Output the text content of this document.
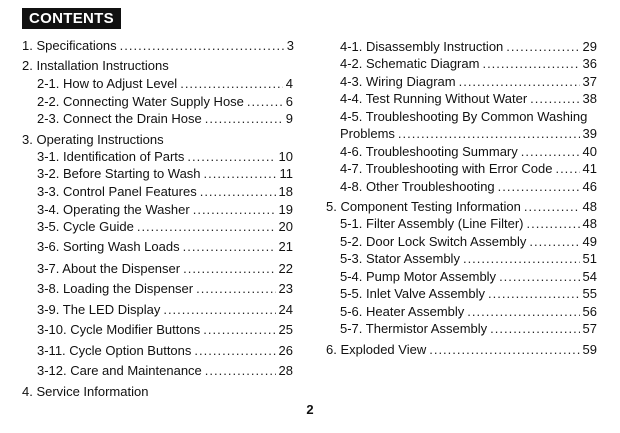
CONTENTS
1. Specifications .....	3
2. Installation Instructions
2-1. How to Adjust Level .....	4
2-2. Connecting Water Supply Hose .....	6
2-3. Connect the Drain Hose .....	9
3. Operating Instructions
3-1. Identification of Parts .....	10
3-2. Before Starting to Wash .....	11
3-3. Control Panel Features .....	18
3-4. Operating the Washer .....	19
3-5. Cycle Guide .....	20
3-6. Sorting Wash Loads .....	21
3-7. About the Dispenser .....	22
3-8. Loading the Dispenser .....	23
3-9. The LED Display .....	24
3-10. Cycle Modifier Buttons .....	25
3-11. Cycle Option Buttons .....	26
3-12. Care and Maintenance .....	28
4. Service Information
4-1. Disassembly Instruction .....	29
4-2. Schematic Diagram .....	36
4-3. Wiring Diagram .....	37
4-4. Test Running Without Water .....	38
4-5. Troubleshooting By Common Washing
Problems .....	39
4-6. Troubleshooting Summary .....	40
4-7. Troubleshooting with Error Code ..... 41
4-8. Other Troubleshooting .....	46
5. Component Testing Information .....	48
5-1. Filter Assembly (Line Filter) .....	48
5-2. Door Lock Switch Assembly .....	49
5-3. Stator Assembly .....	51
5-4. Pump Motor Assembly .....	54
5-5. Inlet Valve Assembly .....	55
5-6. Heater Assembly .....	56
5-7. Thermistor Assembly .....	57
6. Exploded View .....	59
2
